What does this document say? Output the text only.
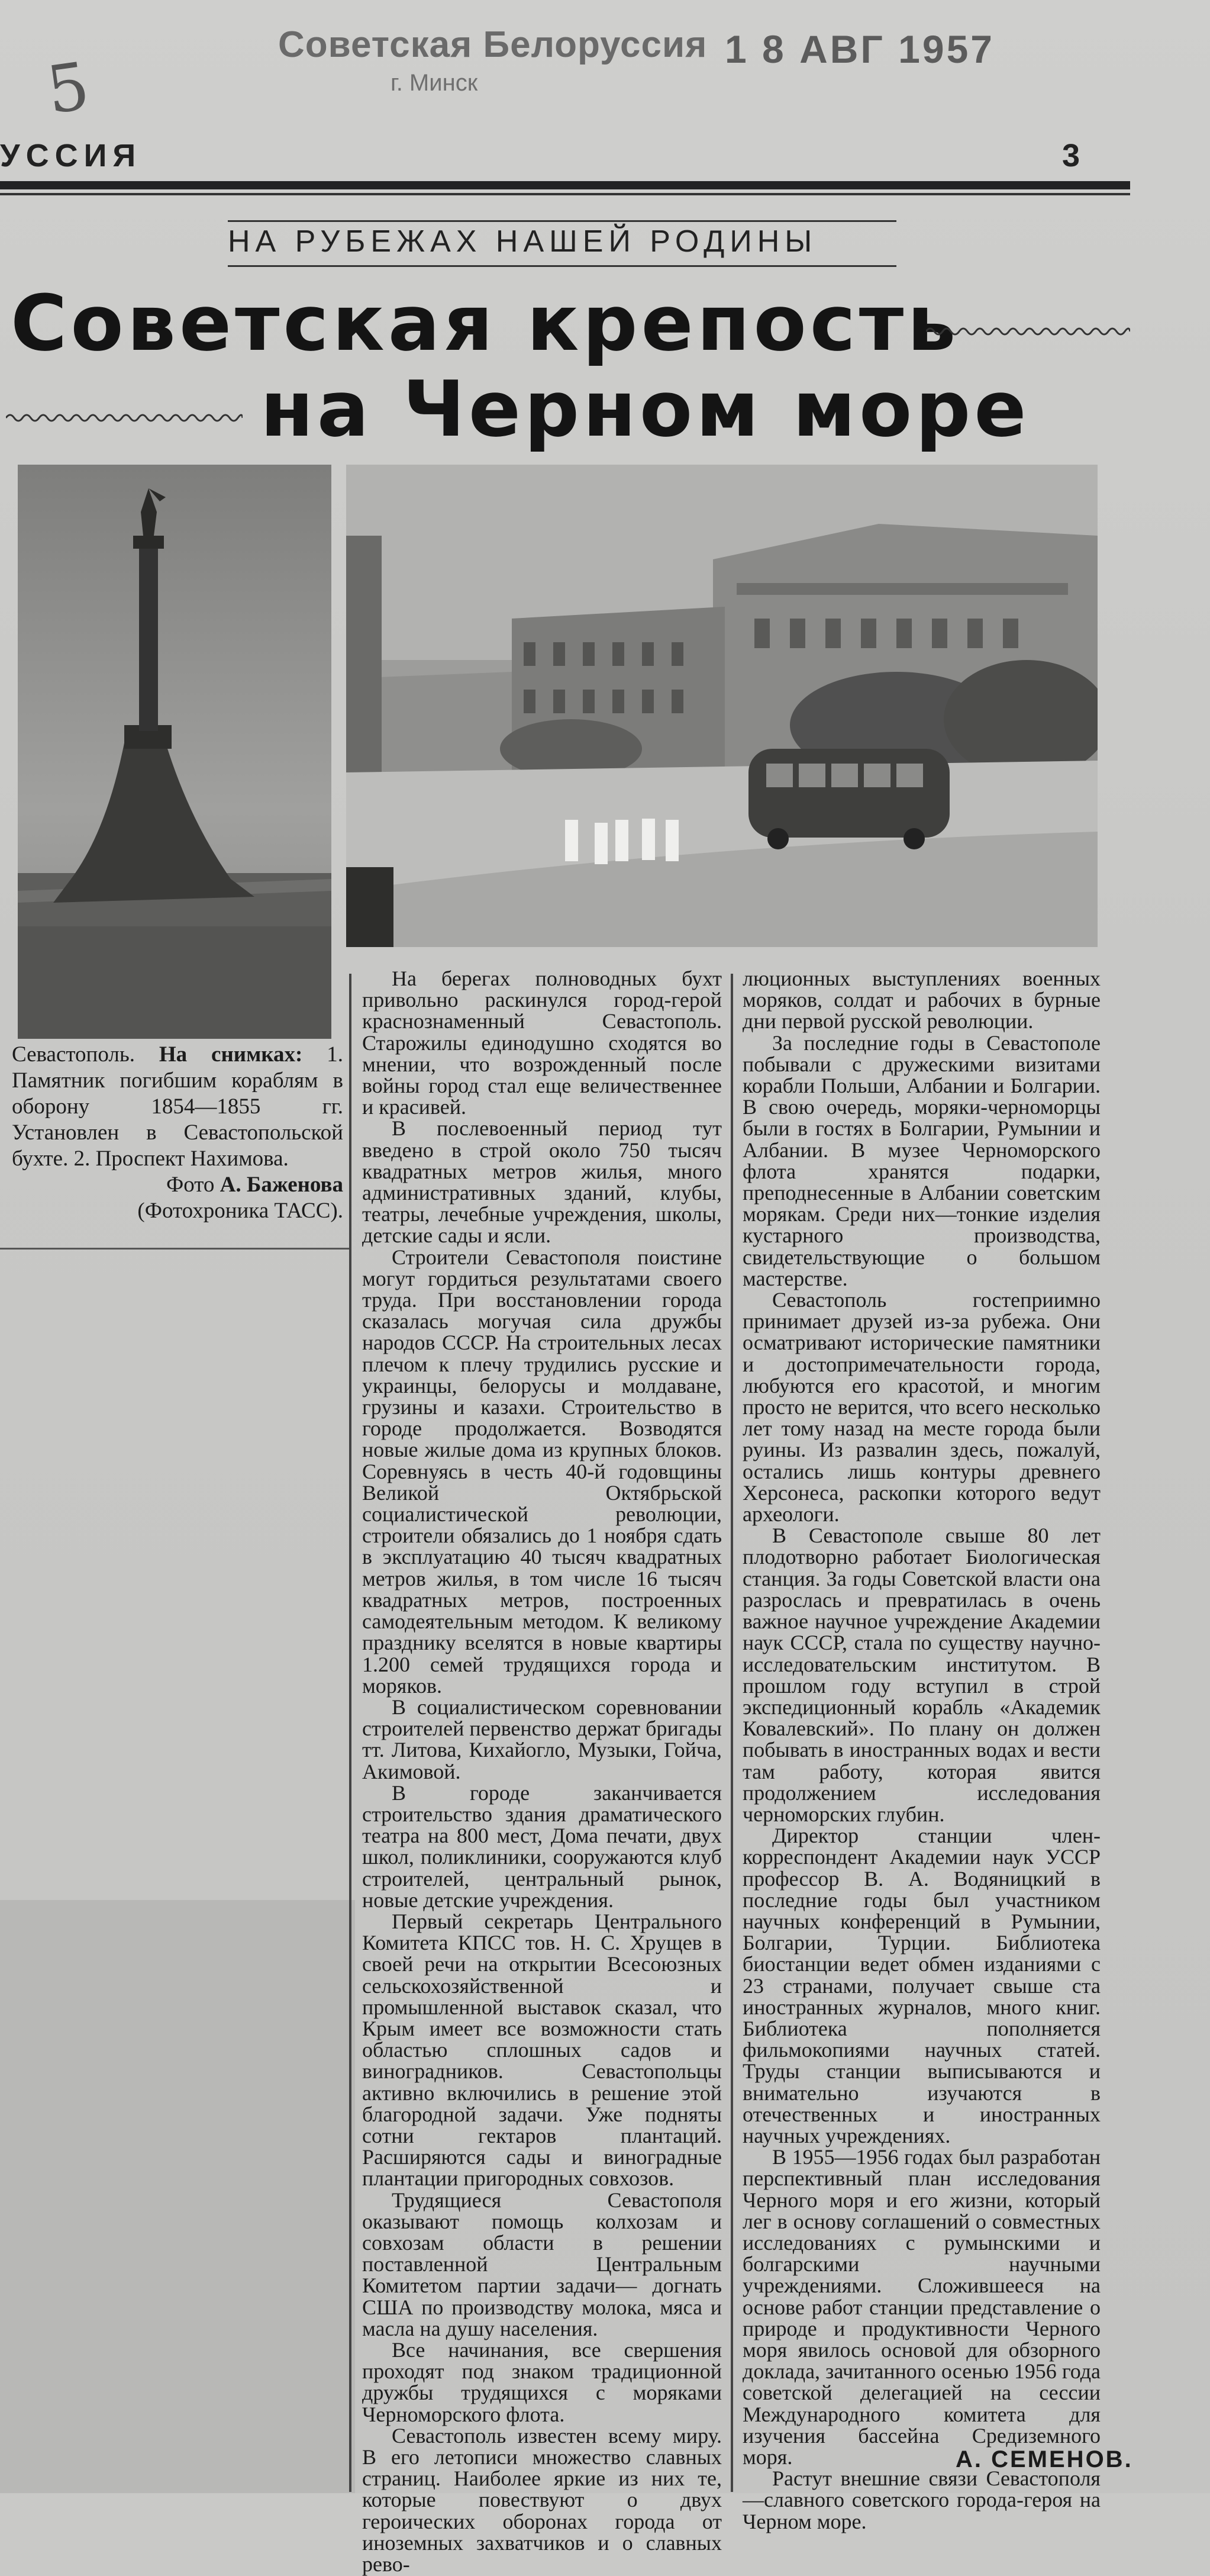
Советская Белоруссия
г. Минск
1 8 АВГ 1957
5
УССИЯ	3
НА РУБЕЖАХ НАШЕЙ РОДИНЫ
Советская крепость
на Черном море
Севастополь. На снимках: 1. Памятник погибшим кораблям в оборону 1854—1855 гг. Установлен в Севастопольской бухте. 2. Проспект Нахимова.
Фото А. Баженова
(Фотохроника ТАСС).

На берегах полноводных бухт привольно раскинулся город-герой краснознаменный Севастополь. Старожилы единодушно сходятся во мнении, что возрожденный после войны город стал еще величественнее и красивей.

В послевоенный период тут введено в строй около 750 тысяч квадратных метров жилья, много административных зданий, клубы, театры, лечебные учреждения, школы, детские сады и ясли.

Строители Севастополя поистине могут гордиться результатами своего труда. При восстановлении города сказалась могучая сила дружбы народов СССР. На строительных лесах плечом к плечу трудились русские и украинцы, белорусы и молдаване, грузины и казахи. Строительство в городе продолжается. Возводятся новые жилые дома из крупных блоков. Соревнуясь в честь 40-й годовщины Великой Октябрьской социалистической революции, строители обязались до 1 ноября сдать в эксплуатацию 40 тысяч квадратных метров жилья, в том числе 16 тысяч квадратных метров, построенных самодеятельным методом. К великому празднику вселятся в новые квартиры 1.200 семей трудящихся города и моряков.

В социалистическом соревновании строителей первенство держат бригады тт. Литова, Кихайогло, Музыки, Гойча, Акимовой.

В городе заканчивается строительство здания драматического театра на 800 мест, Дома печати, двух школ, поликлиники, сооружаются клуб строителей, центральный рынок, новые детские учреждения.

Первый секретарь Центрального Комитета КПСС тов. Н. С. Хрущев в своей речи на открытии Всесоюзных сельскохозяйственной и промышленной выставок сказал, что Крым имеет все возможности стать областью сплошных садов и виноградников. Севастопольцы активно включились в решение этой благородной задачи. Уже подняты сотни гектаров плантаций. Расширяются сады и виноградные плантации пригородных совхозов.

Трудящиеся Севастополя оказывают помощь колхозам и совхозам области в решении поставленной Центральным Комитетом партии задачи— догнать США по производству молока, мяса и масла на душу населения.

Все начинания, все свершения проходят под знаком традиционной дружбы трудящихся с моряками Черноморского флота.

Севастополь известен всему миру. В его летописи множество славных страниц. Наиболее яркие из них те, которые повествуют о двух героических оборонах города от иноземных захватчиков и о славных рево-

люционных выступлениях военных моряков, солдат и рабочих в бурные дни первой русской революции.

За последние годы в Севастополе побывали с дружескими визитами корабли Польши, Албании и Болгарии. В свою очередь, моряки-черноморцы были в гостях в Болгарии, Румынии и Албании. В музее Черноморского флота хранятся подарки, преподнесенные в Албании советским морякам. Среди них—тонкие изделия кустарного производства, свидетельствующие о большом мастерстве.

Севастополь гостеприимно принимает друзей из-за рубежа. Они осматривают исторические памятники и достопримечательности города, любуются его красотой, и многим просто не верится, что всего несколько лет тому назад на месте города были руины. Из развалин здесь, пожалуй, остались лишь контуры древнего Херсонеса, раскопки которого ведут археологи.

В Севастополе свыше 80 лет плодотворно работает Биологическая станция. За годы Советской власти она разрослась и превратилась в очень важное научное учреждение Академии наук СССР, стала по существу научно-исследовательским институтом. В прошлом году вступил в строй экспедиционный корабль «Академик Ковалевский». По плану он должен побывать в иностранных водах и вести там работу, которая явится продолжением исследования черноморских глубин.

Директор станции член-корреспондент Академии наук УССР профессор В. А. Водяницкий в последние годы был участником научных конференций в Румынии, Болгарии, Турции. Библиотека биостанции ведет обмен изданиями с 23 странами, получает свыше ста иностранных журналов, много книг. Библиотека пополняется фильмокопиями научных статей. Труды станции выписываются и внимательно изучаются в отечественных и иностранных научных учреждениях.

В 1955—1956 годах был разработан перспективный план исследования Черного моря и его жизни, который лег в основу соглашений о совместных исследованиях с румынскими и болгарскими научными учреждениями. Сложившееся на основе работ станции представление о природе и продуктивности Черного моря явилось основой для обзорного доклада, зачитанного осенью 1956 года советской делегацией на сессии Международного комитета для изучения бассейна Средиземного моря.

Растут внешние связи Севастополя—славного советского города-героя на Черном море.

А. СЕМЕНОВ.
